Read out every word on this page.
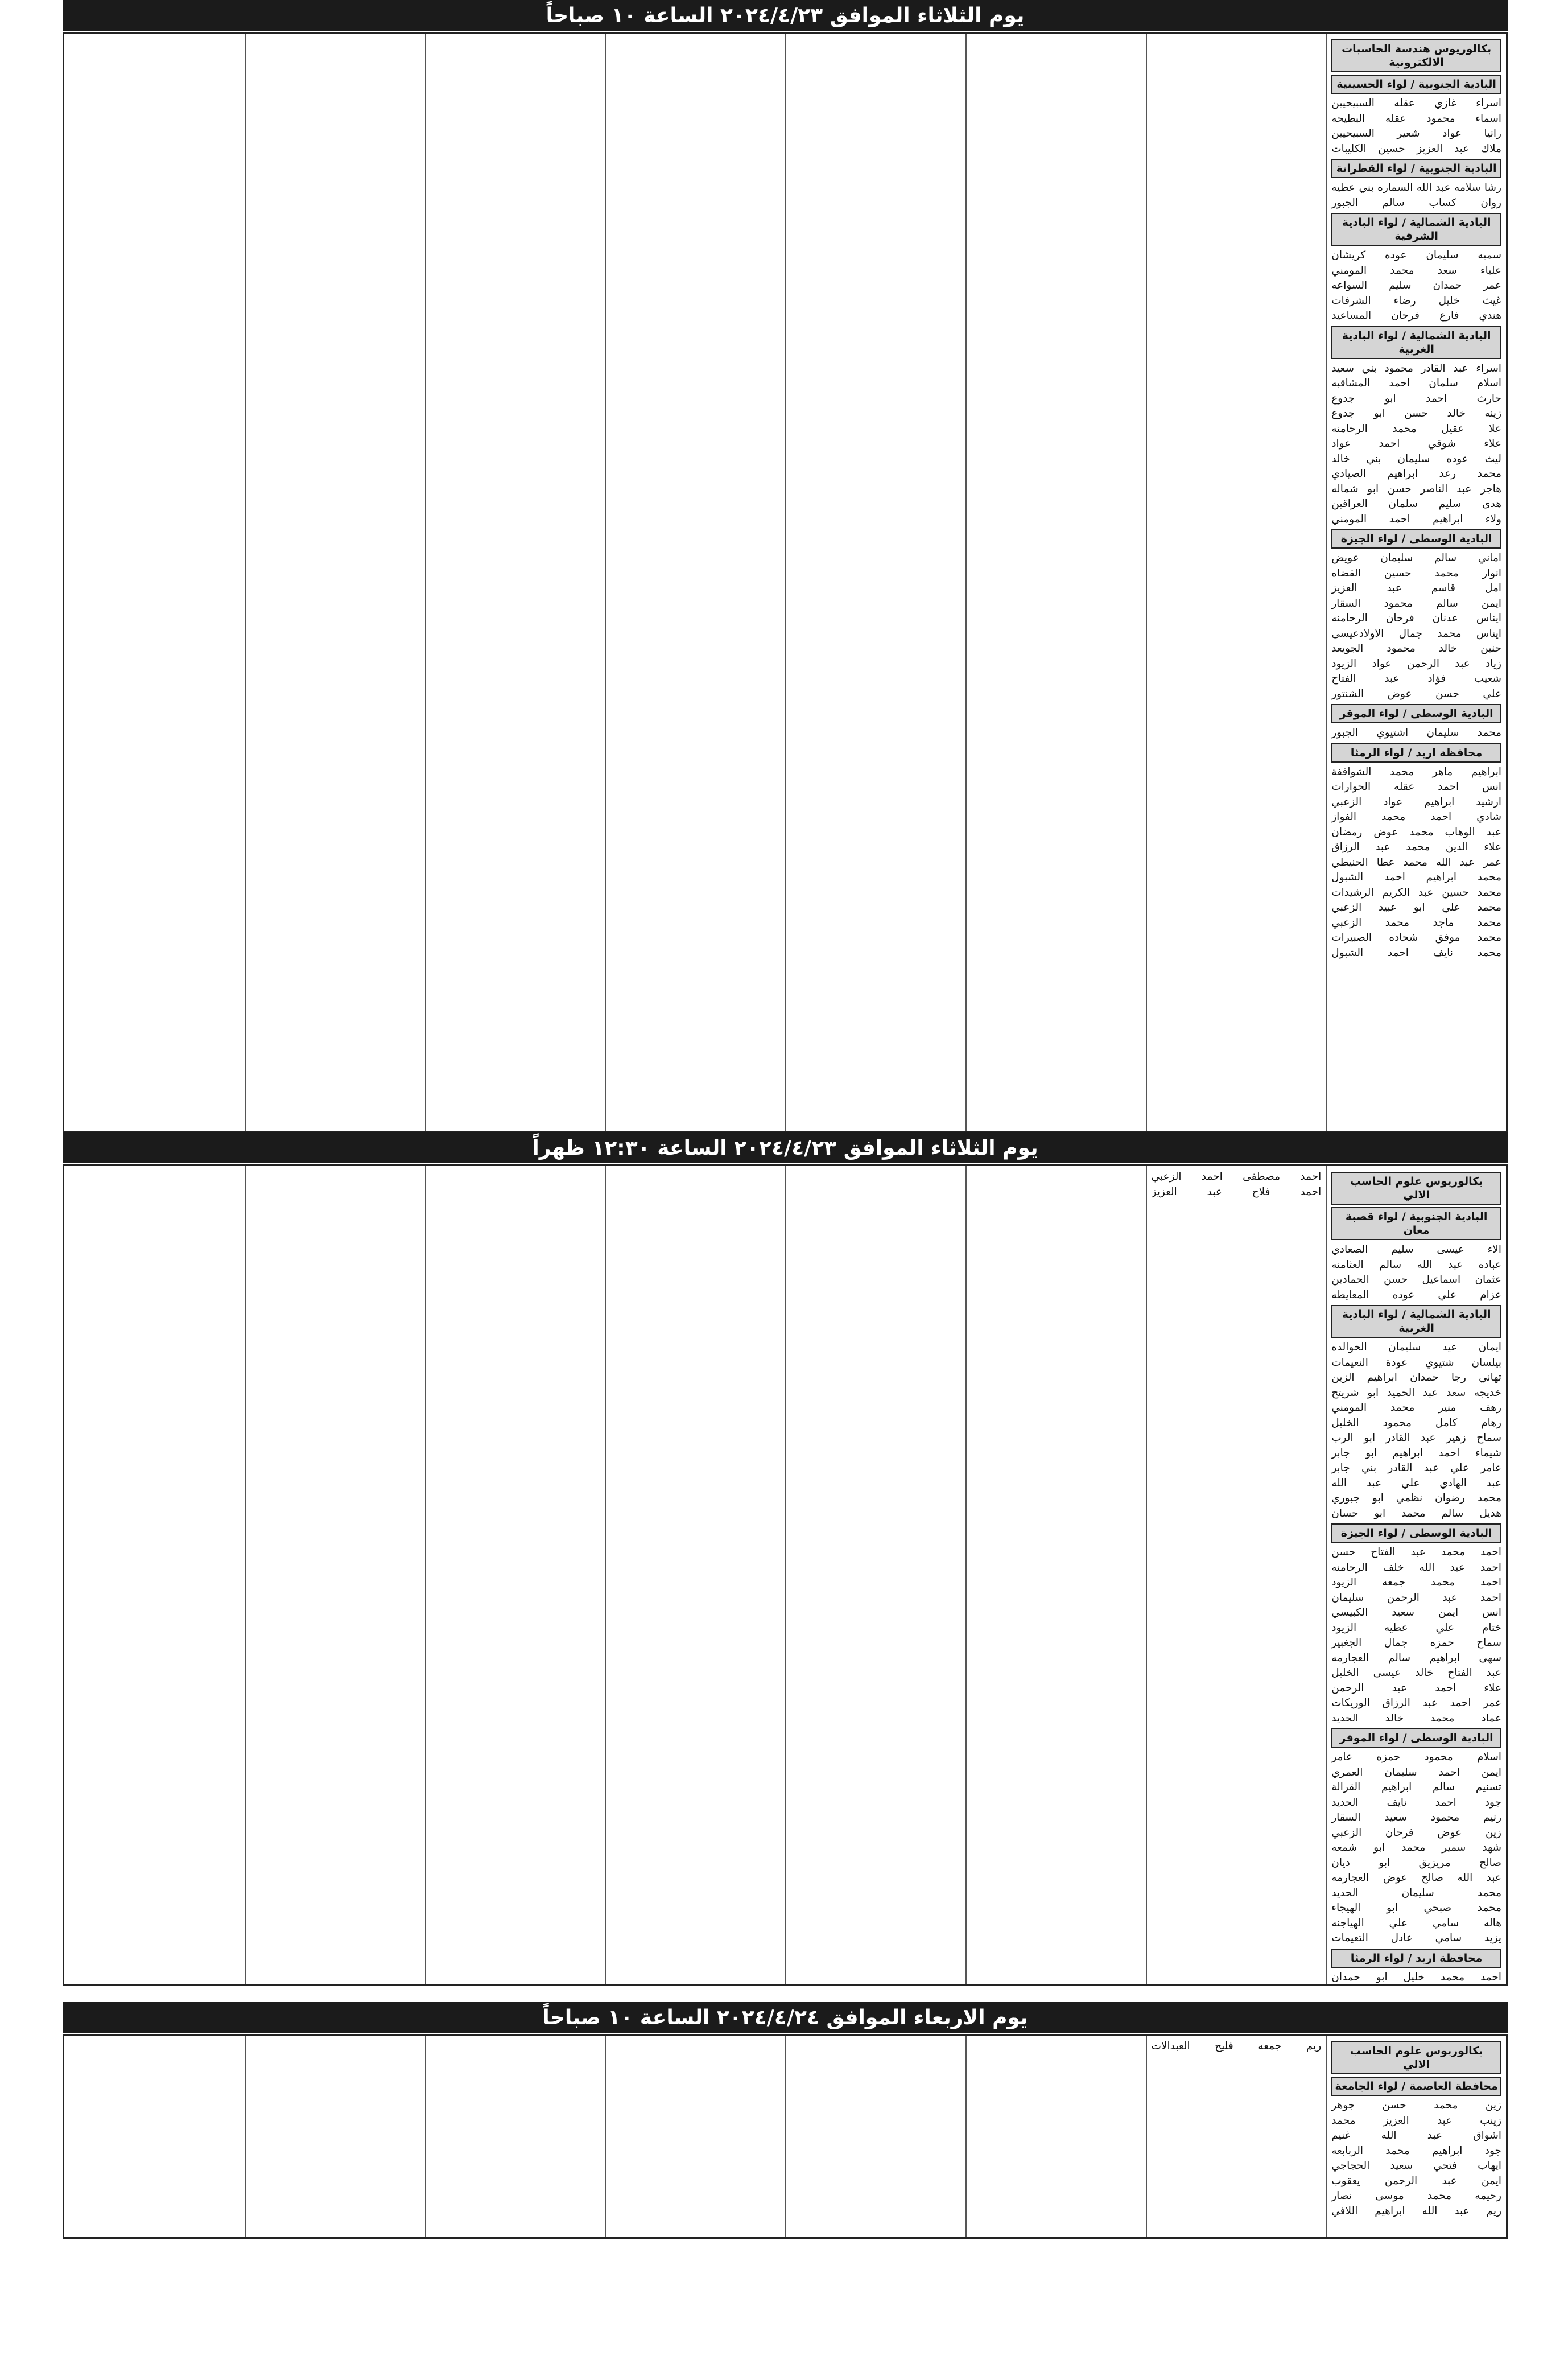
يوم الثلاثاء الموافق ٢٠٢٤/٤/٢٣ الساعة ١٠ صباحاً
بكالوريوس هندسة الحاسبات الالكترونية
البادية الجنوبية / لواء الحسينية
اسراء غازي عقله السبيحيين
اسماء محمود عقله البطيحه
رانيا عواد شعير السبيحيين
ملاك عبد العزيز حسين الكليبات
البادية الجنوبية / لواء القطرانة
رشا سلامه عبد الله السماره بني عطيه
روان كساب سالم الجبور
البادية الشمالية / لواء البادية الشرقية
سميه سليمان عوده كريشان
علياء سعد محمد المومني
عمر حمدان سليم السواعه
غيث خليل رضاء الشرفات
هندي فارع فرحان المساعيد
البادية الشمالية / لواء البادية الغربية
اسراء عبد القادر محمود بني سعيد
اسلام سلمان احمد المشاقبه
حارث احمد ابو جدوع
زينه خالد حسن ابو جدوع
علا عقيل محمد الرحامنه
علاء شوقي احمد عواد
ليث عوده سليمان بني خالد
محمد رعد ابراهيم الصيادي
هاجر عبد الناصر حسن ابو شماله
هدى سليم سلمان العراقين
ولاء ابراهيم احمد المومني
البادية الوسطى / لواء الجيزة
اماني سالم سليمان عويض
انوار محمد حسين القضاه
امل قاسم عبد العزيز
ايمن سالم محمود السقار
ايناس عدنان فرحان الرحامنه
ايناس محمد جمال الاولادعيسى
حنين خالد محمود الجويعد
زياد عبد الرحمن عواد الزيود
شعيب فؤاد عبد الفتاح
علي حسن عوض الشنتور
البادية الوسطى / لواء الموقر
محمد سليمان اشتيوي الجبور
محافظة اربد / لواء الرمثا
ابراهيم ماهر محمد الشواقفة
انس احمد عقله الحوارات
ارشيد ابراهيم عواد الزعبي
شادي احمد محمد الفواز
عبد الوهاب محمد عوض رمضان
علاء الدين محمد عبد الرزاق
عمر عبد الله محمد عطا الحنيطي
محمد ابراهيم احمد الشبول
محمد حسين عبد الكريم الرشيدات
محمد علي ابو عبيد الزعبي
محمد ماجد محمد الزعبي
محمد موفق شحاده الصبيرات
محمد نايف احمد الشبول
يوم الثلاثاء الموافق ٢٠٢٤/٤/٢٣ الساعة ١٢:٣٠ ظهراً
بكالوريوس علوم الحاسب الالي
البادية الجنوبية / لواء قصبة معان
الاء عيسى سليم الصعادي
عباده عبد الله سالم العثامنه
عثمان اسماعيل حسن الحمادين
عزام علي عوده المعايطه
البادية الشمالية / لواء البادية الغربية
ايمان عيد سليمان الخوالده
بيلسان شتيوي عودة النعيمات
تهاني رجا حمدان ابراهيم الزبن
خديجه سعد عبد الحميد ابو شريتح
رهف منير محمد المومني
رهام كامل محمود الخليل
سماح زهير عبد القادر ابو الرب
شيماء احمد ابراهيم ابو جابر
عامر علي عبد القادر بني جابر
عبد الهادي علي عبد الله
محمد رضوان نظمي ابو جبوري
هديل سالم محمد ابو حسان
البادية الوسطى / لواء الجيزة
احمد محمد عبد الفتاح حسن
احمد عبد الله خلف الرحامنه
احمد محمد جمعه الزيود
احمد عبد الرحمن سليمان
انس ايمن سعيد الكبيسي
ختام علي عطيه الزيود
سماح حمزه جمال الجغبير
سهى ابراهيم سالم العجارمه
عبد الفتاح خالد عيسى الخليل
علاء احمد عبد الرحمن
عمر احمد عبد الرزاق الوريكات
عماد محمد خالد الحديد
البادية الوسطى / لواء الموقر
اسلام محمود حمزه عامر
ايمن احمد سليمان العمري
تسنيم سالم ابراهيم القرالة
جود احمد نايف الحديد
رنيم محمود سعيد السقار
زين عوض فرحان الزعبي
شهد سمير محمد ابو شمعه
صالح مريزيق ابو ديان
عبد الله صالح عوض العجارمه
محمد سليمان الحديد
محمد صبحي ابو الهيجاء
هاله سامي علي الهياجنه
يزيد سامي عادل التعيمات
محافظة اربد / لواء الرمثا
احمد محمد خليل ابو حمدان
احمد مصطفى احمد الزعبي
احمد فلاح عبد العزيز
يوم الاربعاء الموافق ٢٠٢٤/٤/٢٤ الساعة ١٠ صباحاً
بكالوريوس علوم الحاسب الالي
محافظة العاصمة / لواء الجامعة
زين محمد حسن جوهر
زينب عبد العزيز محمد
اشواق عبد الله غنيم
جود ابراهيم محمد الربابعه
ايهاب فتحي سعيد الحجاجي
ايمن عبد الرحمن يعقوب
رحيمه محمد موسى نصار
ريم عبد الله ابراهيم اللافي
ريم جمعه فليح العبدالات
